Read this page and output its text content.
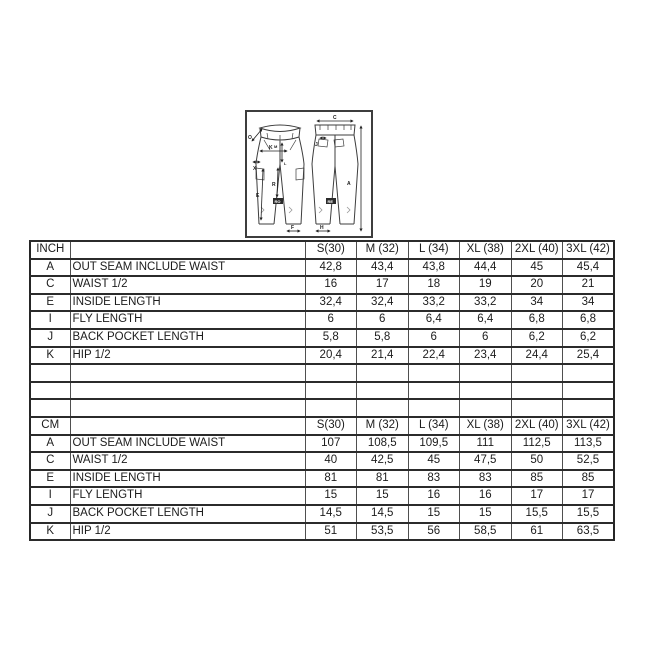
O
K	I
M
L
X
E
R
RO
F
C
J
A
RE
H
INCH		S(30)	M (32)	L (34)	XL (38)	2XL (40)	3XL (42)
A	OUT SEAM INCLUDE WAIST	42,8	43,4	43,8	44,4	45	45,4
C	WAIST 1/2	16	17	18	19	20	21
E	INSIDE LENGTH	32,4	32,4	33,2	33,2	34	34
I	FLY LENGTH	6	6	6,4	6,4	6,8	6,8
J	BACK POCKET LENGTH	5,8	5,8	6	6	6,2	6,2
K	HIP 1/2	20,4	21,4	22,4	23,4	24,4	25,4

CM		S(30)	M (32)	L (34)	XL (38)	2XL (40)	3XL (42)
A	OUT SEAM INCLUDE WAIST	107	108,5	109,5	111	112,5	113,5
C	WAIST 1/2	40	42,5	45	47,5	50	52,5
E	INSIDE LENGTH	81	81	83	83	85	85
I	FLY LENGTH	15	15	16	16	17	17
J	BACK POCKET LENGTH	14,5	14,5	15	15	15,5	15,5
K	HIP 1/2	51	53,5	56	58,5	61	63,5
